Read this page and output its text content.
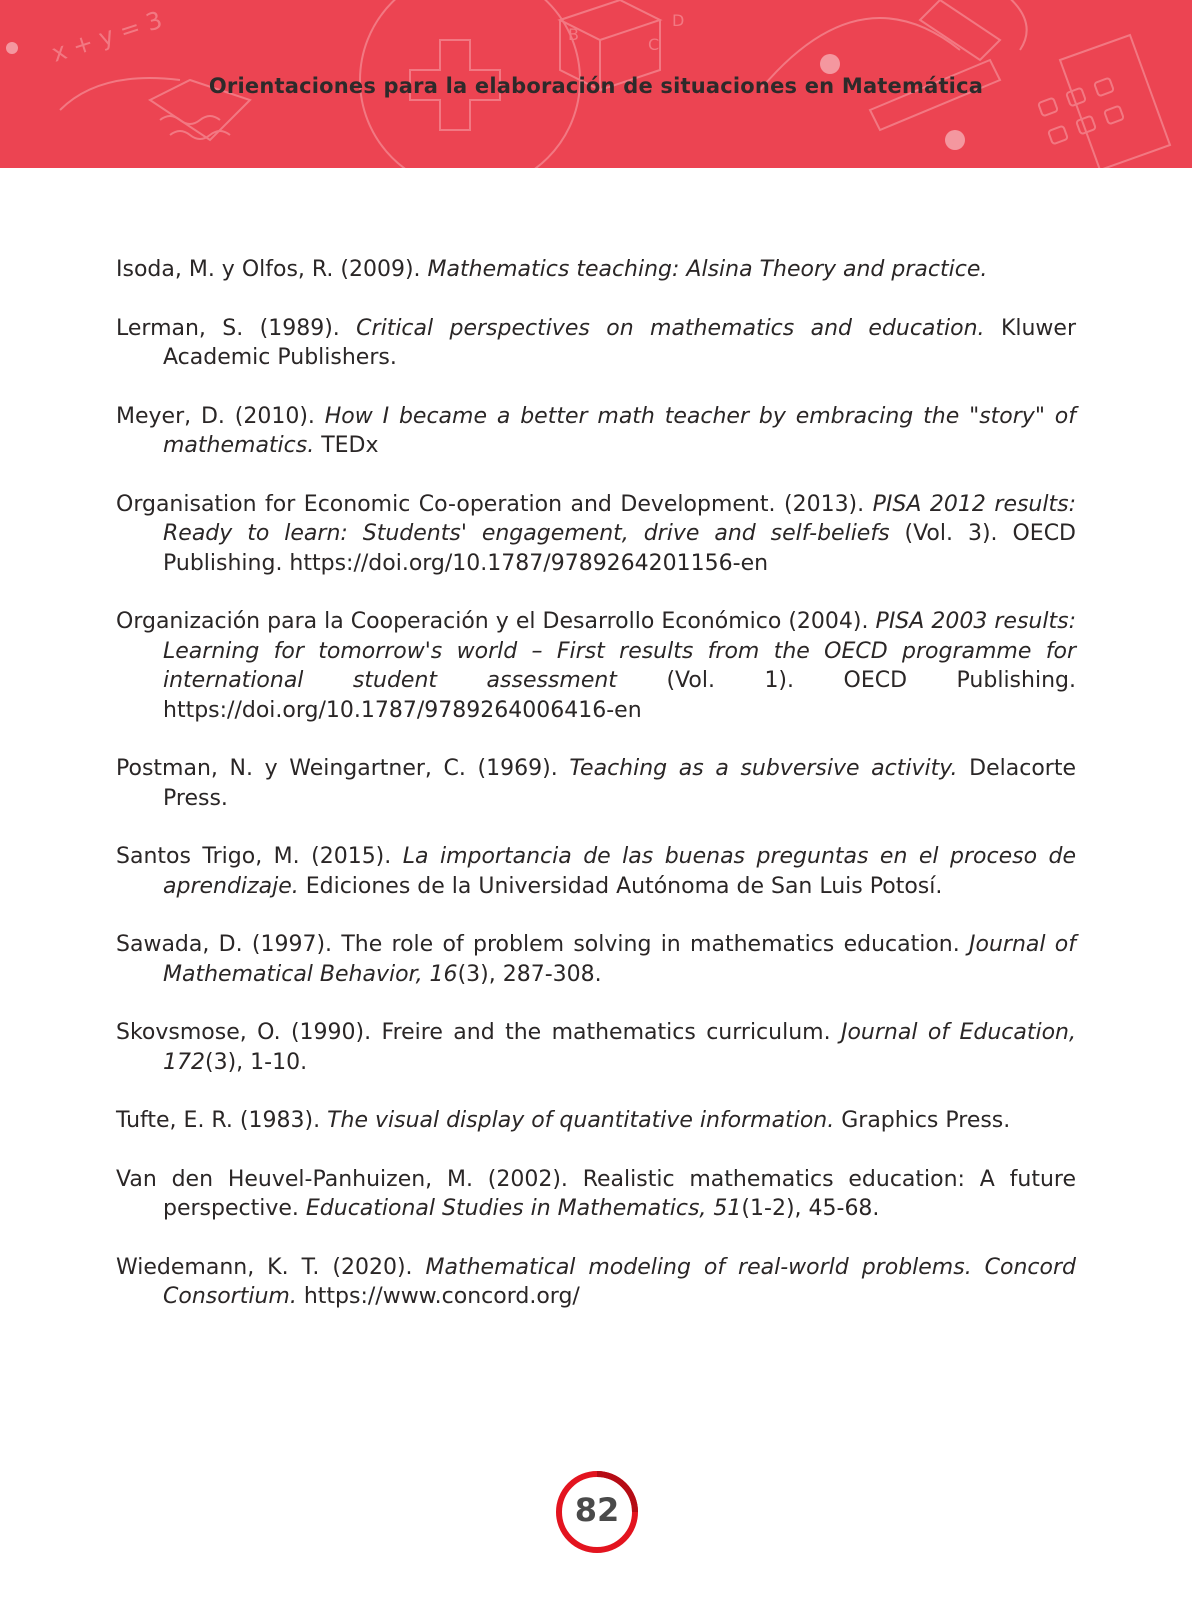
x + y = 3	B
D
C
Orientaciones para la elaboración de situaciones en Matemática
Isoda, M. y Olfos, R. (2009). Mathematics teaching: Alsina Theory and practice.
Lerman, S. (1989). Critical perspectives on mathematics and education. Kluwer Academic Publishers.
Meyer, D. (2010). How I became a better math teacher by embracing the "story" of mathematics. TEDx
Organisation for Economic Co-operation and Development. (2013). PISA 2012 results: Ready to learn: Students' engagement, drive and self-beliefs (Vol. 3). OECD Publishing. https://doi.org/10.1787/9789264201156-en
Organización para la Cooperación y el Desarrollo Económico (2004). PISA 2003 results: Learning for tomorrow's world – First results from the OECD programme for international student assessment (Vol. 1). OECD Publishing. https://doi.org/10.1787/9789264006416-en
Postman, N. y Weingartner, C. (1969). Teaching as a subversive activity. Delacorte Press.
Santos Trigo, M. (2015). La importancia de las buenas preguntas en el proceso de aprendizaje. Ediciones de la Universidad Autónoma de San Luis Potosí.
Sawada, D. (1997). The role of problem solving in mathematics education. Journal of Mathematical Behavior, 16(3), 287-308.
Skovsmose, O. (1990). Freire and the mathematics curriculum. Journal of Education, 172(3), 1-10.
Tufte, E. R. (1983). The visual display of quantitative information. Graphics Press.
Van den Heuvel-Panhuizen, M. (2002). Realistic mathematics education: A future perspective. Educational Studies in Mathematics, 51(1-2), 45-68.
Wiedemann, K. T. (2020). Mathematical modeling of real-world problems. Concord Consortium. https://www.concord.org/
82
